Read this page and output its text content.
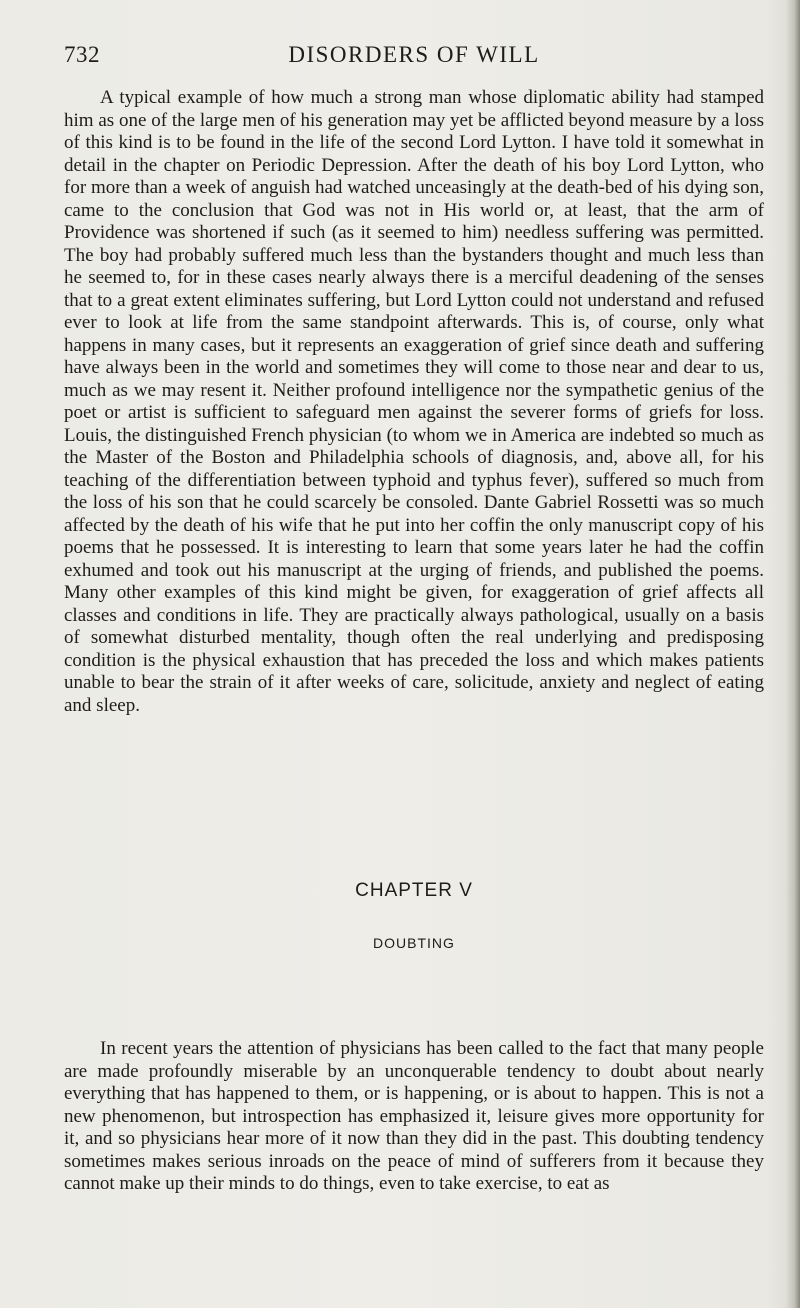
732	DISORDERS OF WILL

A typical example of how much a strong man whose diplomatic ability had stamped him as one of the large men of his generation may yet be afflicted beyond measure by a loss of this kind is to be found in the life of the second Lord Lytton. I have told it somewhat in detail in the chapter on Periodic Depression. After the death of his boy Lord Lytton, who for more than a week of anguish had watched unceasingly at the death-bed of his dying son, came to the conclusion that God was not in His world or, at least, that the arm of Providence was shortened if such (as it seemed to him) needless suffering was permitted. The boy had probably suffered much less than the bystanders thought and much less than he seemed to, for in these cases nearly always there is a merciful deadening of the senses that to a great extent eliminates suffering, but Lord Lytton could not understand and refused ever to look at life from the same standpoint afterwards. This is, of course, only what happens in many cases, but it represents an exaggeration of grief since death and suffering have always been in the world and sometimes they will come to those near and dear to us, much as we may resent it. Neither profound intelligence nor the sympathetic genius of the poet or artist is sufficient to safeguard men against the severer forms of griefs for loss. Louis, the distinguished French physician (to whom we in America are indebted so much as the Master of the Boston and Philadelphia schools of diagnosis, and, above all, for his teaching of the differentiation between typhoid and typhus fever), suffered so much from the loss of his son that he could scarcely be consoled. Dante Gabriel Rossetti was so much affected by the death of his wife that he put into her coffin the only manuscript copy of his poems that he possessed. It is interesting to learn that some years later he had the coffin exhumed and took out his manuscript at the urging of friends, and published the poems. Many other examples of this kind might be given, for exaggeration of grief affects all classes and conditions in life. They are practically always pathological, usually on a basis of somewhat disturbed mentality, though often the real underlying and predisposing condition is the physical exhaustion that has preceded the loss and which makes patients unable to bear the strain of it after weeks of care, solicitude, anxiety and neglect of eating and sleep.

CHAPTER V
DOUBTING

In recent years the attention of physicians has been called to the fact that many people are made profoundly miserable by an unconquerable tendency to doubt about nearly everything that has happened to them, or is happening, or is about to happen. This is not a new phenomenon, but introspection has emphasized it, leisure gives more opportunity for it, and so physicians hear more of it now than they did in the past. This doubting tendency sometimes makes serious inroads on the peace of mind of sufferers from it because they cannot make up their minds to do things, even to take exercise, to eat as
